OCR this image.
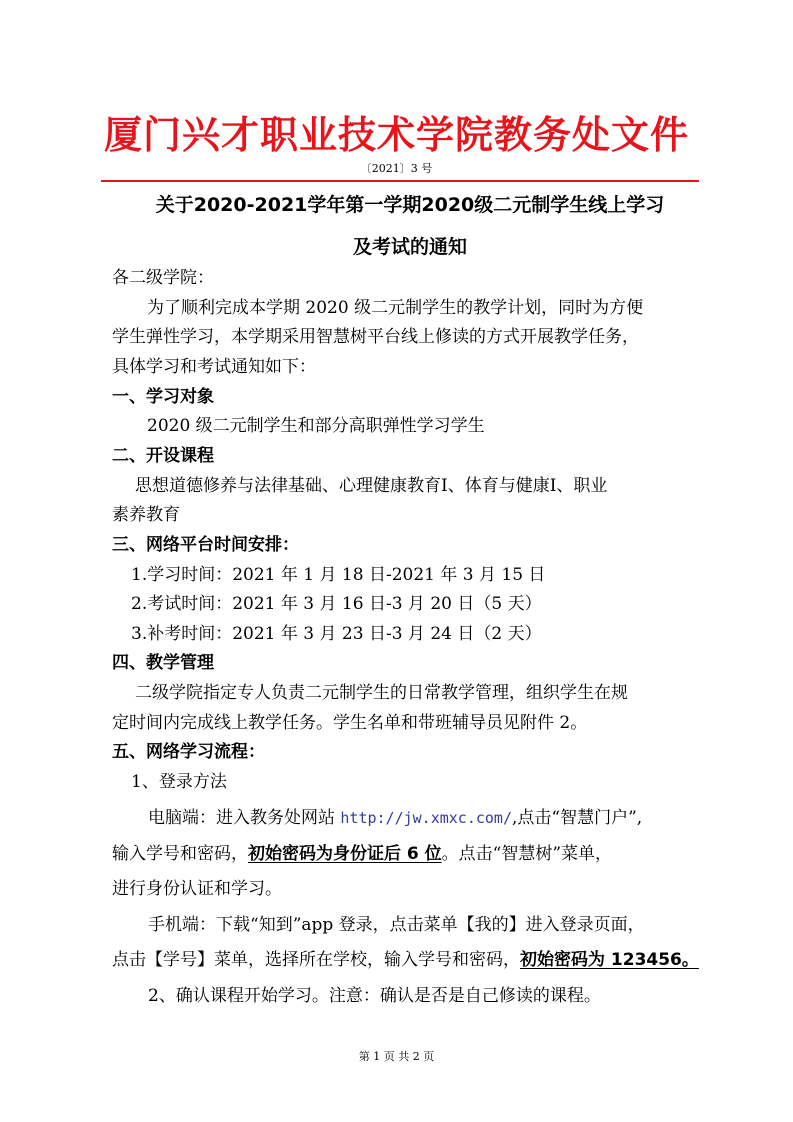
厦门兴才职业技术学院教务处文件
〔2021〕3 号
关于2020-2021学年第一学期2020级二元制学生线上学习
及考试的通知
各二级学院：
为了顺利完成本学期 2020 级二元制学生的教学计划，同时为方便
学生弹性学习，本学期采用智慧树平台线上修读的方式开展教学任务，
具体学习和考试通知如下：
一、学习对象
2020 级二元制学生和部分高职弹性学习学生
二、开设课程
思想道德修养与法律基础、心理健康教育Ⅰ、体育与健康Ⅰ、职业
素养教育
三、网络平台时间安排：
1.学习时间：2021 年 1 月 18 日-2021 年 3 月 15 日
2.考试时间：2021 年 3 月 16 日-3 月 20 日（5 天）
3.补考时间：2021 年 3 月 23 日-3 月 24 日（2 天）
四、教学管理
二级学院指定专人负责二元制学生的日常教学管理，组织学生在规
定时间内完成线上教学任务。学生名单和带班辅导员见附件 2。
五、网络学习流程：
1、登录方法
电脑端：进入教务处网站 http://jw.xmxc.com/,点击“智慧门户”,
输入学号和密码，初始密码为身份证后 6 位。点击“智慧树”菜单，
进行身份认证和学习。
手机端：下载“知到”app 登录，点击菜单【我的】进入登录页面，
点击【学号】菜单，选择所在学校，输入学号和密码，初始密码为 123456。
2、确认课程开始学习。注意：确认是否是自己修读的课程。
第 1 页 共 2 页
